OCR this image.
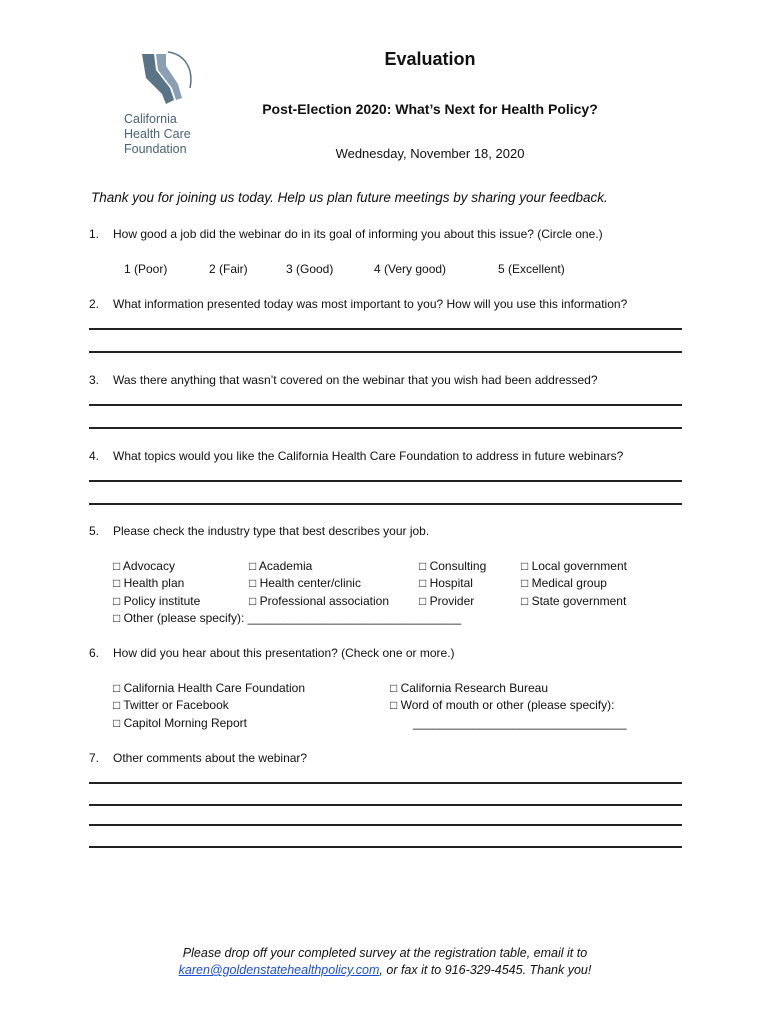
California
Health Care
Foundation
Evaluation
Post-Election 2020: What’s Next for Health Policy?
Wednesday, November 18, 2020
Thank you for joining us today. Help us plan future meetings by sharing your feedback.
1. How good a job did the webinar do in its goal of informing you about this issue? (Circle one.)
1 (Poor)	2 (Fair)	3 (Good)	4 (Very good)	5 (Excellent)
2. What information presented today was most important to you? How will you use this information?
3. Was there anything that wasn’t covered on the webinar that you wish had been addressed?
4. What topics would you like the California Health Care Foundation to address in future webinars?
5. Please check the industry type that best describes your job.
□ Advocacy	□ Academia	□ Consulting	□ Local government
□ Health plan	□ Health center/clinic	□ Hospital	□ Medical group
□ Policy institute	□ Professional association	□ Provider	□ State government
□ Other (please specify): ________________________________
6. How did you hear about this presentation? (Check one or more.)
□ California Health Care Foundation	□ California Research Bureau
□ Twitter or Facebook	□ Word of mouth or other (please specify):
□ Capitol Morning Report	________________________________
7. Other comments about the webinar?
Please drop off your completed survey at the registration table, email it to
karen@goldenstatehealthpolicy.com, or fax it to 916-329-4545. Thank you!
